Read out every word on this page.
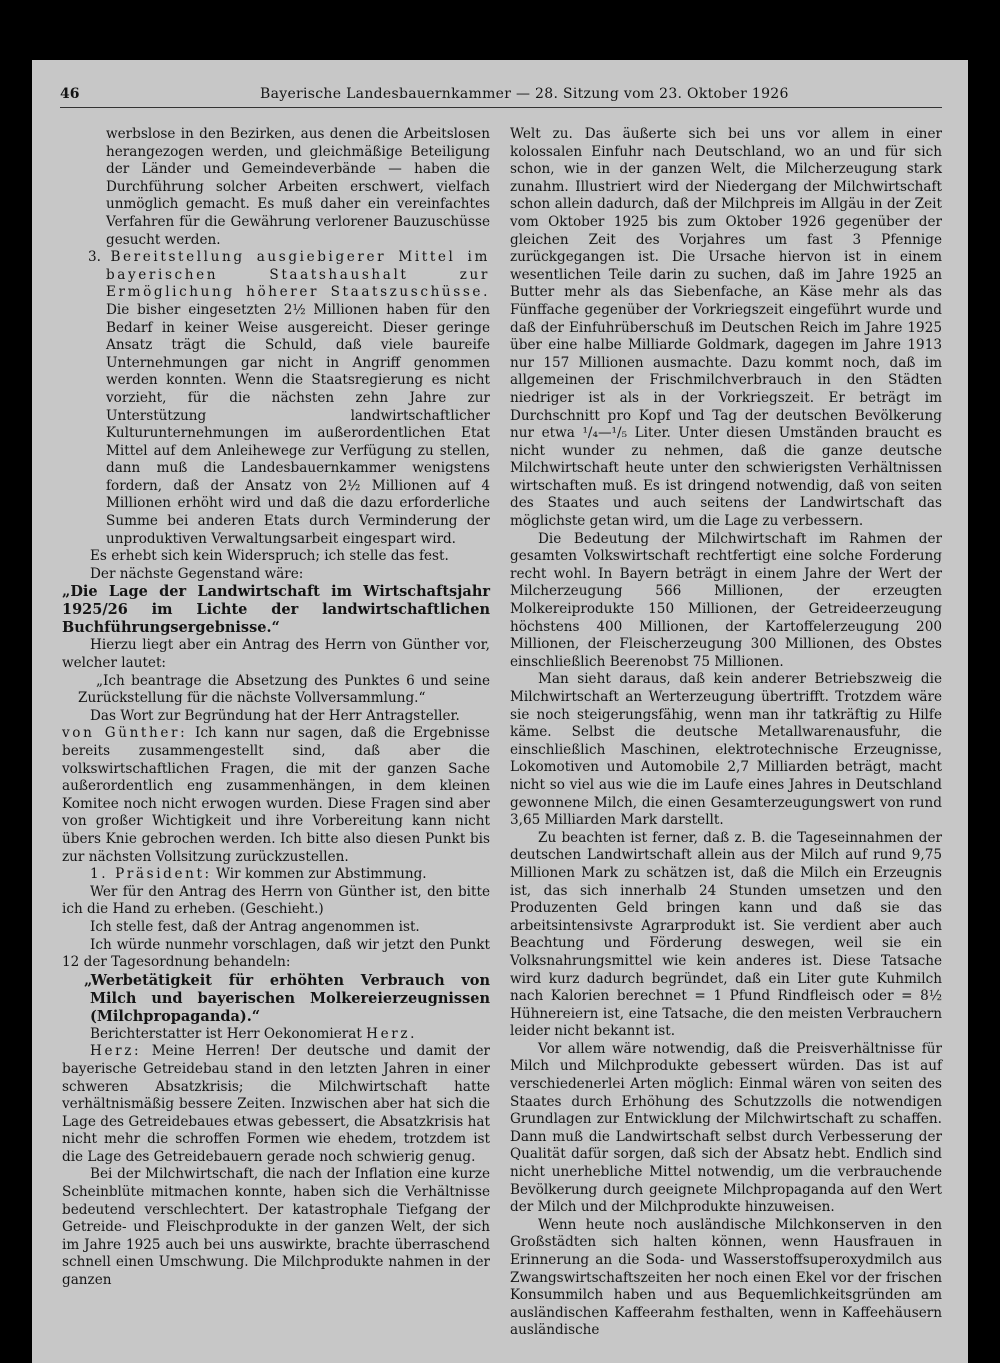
46	Bayerische Landesbauernkammer — 28. Sitzung vom 23. Oktober 1926

werbslose in den Bezirken, aus denen die Arbeitslosen herangezogen werden, und gleichmäßige Beteiligung der Länder und Gemeindeverbände — haben die Durchführung solcher Arbeiten erschwert, vielfach unmöglich gemacht. Es muß daher ein vereinfachtes Verfahren für die Gewährung verlorener Bauzuschüsse gesucht werden.

3. Bereitstellung ausgiebigerer Mittel im bayerischen Staatshaushalt zur Ermöglichung höherer Staatszuschüsse. Die bisher eingesetzten 2½ Millionen haben für den Bedarf in keiner Weise ausgereicht. Dieser geringe Ansatz trägt die Schuld, daß viele baureife Unternehmungen gar nicht in Angriff genommen werden konnten. Wenn die Staatsregierung es nicht vorzieht, für die nächsten zehn Jahre zur Unterstützung landwirtschaftlicher Kulturunternehmungen im außerordentlichen Etat Mittel auf dem Anleihewege zur Verfügung zu stellen, dann muß die Landesbauernkammer wenigstens fordern, daß der Ansatz von 2½ Millionen auf 4 Millionen erhöht wird und daß die dazu erforderliche Summe bei anderen Etats durch Verminderung der unproduktiven Verwaltungsarbeit eingespart wird.

Es erhebt sich kein Widerspruch; ich stelle das fest.

Der nächste Gegenstand wäre:

„Die Lage der Landwirtschaft im Wirtschaftsjahr 1925/26 im Lichte der landwirtschaftlichen Buchführungsergebnisse.“

Hierzu liegt aber ein Antrag des Herrn von Günther vor, welcher lautet:

„Ich beantrage die Absetzung des Punktes 6 und seine Zurückstellung für die nächste Vollversammlung.“

Das Wort zur Begründung hat der Herr Antragsteller.

von Günther: Ich kann nur sagen, daß die Ergebnisse bereits zusammengestellt sind, daß aber die volkswirtschaftlichen Fragen, die mit der ganzen Sache außerordentlich eng zusammenhängen, in dem kleinen Komitee noch nicht erwogen wurden. Diese Fragen sind aber von großer Wichtigkeit und ihre Vorbereitung kann nicht übers Knie gebrochen werden. Ich bitte also diesen Punkt bis zur nächsten Vollsitzung zurückzustellen.

1. Präsident: Wir kommen zur Abstimmung.

Wer für den Antrag des Herrn von Günther ist, den bitte ich die Hand zu erheben. (Geschieht.)

Ich stelle fest, daß der Antrag angenommen ist.

Ich würde nunmehr vorschlagen, daß wir jetzt den Punkt 12 der Tagesordnung behandeln:

„Werbetätigkeit für erhöhten Verbrauch von Milch und bayerischen Molkereierzeugnissen (Milchpropaganda).“

Berichterstatter ist Herr Oekonomierat Herz.

Herz: Meine Herren! Der deutsche und damit der bayerische Getreidebau stand in den letzten Jahren in einer schweren Absatzkrisis; die Milchwirtschaft hatte verhältnismäßig bessere Zeiten. Inzwischen aber hat sich die Lage des Getreidebaues etwas gebessert, die Absatzkrisis hat nicht mehr die schroffen Formen wie ehedem, trotzdem ist die Lage des Getreidebauern gerade noch schwierig genug.

Bei der Milchwirtschaft, die nach der Inflation eine kurze Scheinblüte mitmachen konnte, haben sich die Verhältnisse bedeutend verschlechtert. Der katastrophale Tiefgang der Getreide- und Fleischprodukte in der ganzen Welt, der sich im Jahre 1925 auch bei uns auswirkte, brachte überraschend schnell einen Umschwung. Die Milchprodukte nahmen in der ganzen

Welt zu. Das äußerte sich bei uns vor allem in einer kolossalen Einfuhr nach Deutschland, wo an und für sich schon, wie in der ganzen Welt, die Milcherzeugung stark zunahm. Illustriert wird der Niedergang der Milchwirtschaft schon allein dadurch, daß der Milchpreis im Allgäu in der Zeit vom Oktober 1925 bis zum Oktober 1926 gegenüber der gleichen Zeit des Vorjahres um fast 3 Pfennige zurückgegangen ist. Die Ursache hiervon ist in einem wesentlichen Teile darin zu suchen, daß im Jahre 1925 an Butter mehr als das Siebenfache, an Käse mehr als das Fünffache gegenüber der Vorkriegszeit eingeführt wurde und daß der Einfuhrüberschuß im Deutschen Reich im Jahre 1925 über eine halbe Milliarde Goldmark, dagegen im Jahre 1913 nur 157 Millionen ausmachte. Dazu kommt noch, daß im allgemeinen der Frischmilchverbrauch in den Städten niedriger ist als in der Vorkriegszeit. Er beträgt im Durchschnitt pro Kopf und Tag der deutschen Bevölkerung nur etwa ¹/₄—¹/₅ Liter. Unter diesen Umständen braucht es nicht wunder zu nehmen, daß die ganze deutsche Milchwirtschaft heute unter den schwierigsten Verhältnissen wirtschaften muß. Es ist dringend notwendig, daß von seiten des Staates und auch seitens der Landwirtschaft das möglichste getan wird, um die Lage zu verbessern.

Die Bedeutung der Milchwirtschaft im Rahmen der gesamten Volkswirtschaft rechtfertigt eine solche Forderung recht wohl. In Bayern beträgt in einem Jahre der Wert der Milcherzeugung 566 Millionen, der erzeugten Molkereiprodukte 150 Millionen, der Getreideerzeugung höchstens 400 Millionen, der Kartoffelerzeugung 200 Millionen, der Fleischerzeugung 300 Millionen, des Obstes einschließlich Beerenobst 75 Millionen.

Man sieht daraus, daß kein anderer Betriebszweig die Milchwirtschaft an Werterzeugung übertrifft. Trotzdem wäre sie noch steigerungsfähig, wenn man ihr tatkräftig zu Hilfe käme. Selbst die deutsche Metallwarenausfuhr, die einschließlich Maschinen, elektrotechnische Erzeugnisse, Lokomotiven und Automobile 2,7 Milliarden beträgt, macht nicht so viel aus wie die im Laufe eines Jahres in Deutschland gewonnene Milch, die einen Gesamterzeugungswert von rund 3,65 Milliarden Mark darstellt.

Zu beachten ist ferner, daß z. B. die Tageseinnahmen der deutschen Landwirtschaft allein aus der Milch auf rund 9,75 Millionen Mark zu schätzen ist, daß die Milch ein Erzeugnis ist, das sich innerhalb 24 Stunden umsetzen und den Produzenten Geld bringen kann und daß sie das arbeitsintensivste Agrarprodukt ist. Sie verdient aber auch Beachtung und Förderung deswegen, weil sie ein Volksnahrungsmittel wie kein anderes ist. Diese Tatsache wird kurz dadurch begründet, daß ein Liter gute Kuhmilch nach Kalorien berechnet = 1 Pfund Rindfleisch oder = 8½ Hühnereiern ist, eine Tatsache, die den meisten Verbrauchern leider nicht bekannt ist.

Vor allem wäre notwendig, daß die Preisverhältnisse für Milch und Milchprodukte gebessert würden. Das ist auf verschiedenerlei Arten möglich: Einmal wären von seiten des Staates durch Erhöhung des Schutzzolls die notwendigen Grundlagen zur Entwicklung der Milchwirtschaft zu schaffen. Dann muß die Landwirtschaft selbst durch Verbesserung der Qualität dafür sorgen, daß sich der Absatz hebt. Endlich sind nicht unerhebliche Mittel notwendig, um die verbrauchende Bevölkerung durch geeignete Milchpropaganda auf den Wert der Milch und der Milchprodukte hinzuweisen.

Wenn heute noch ausländische Milchkonserven in den Großstädten sich halten können, wenn Hausfrauen in Erinnerung an die Soda- und Wasserstoffsuperoxydmilch aus Zwangswirtschaftszeiten her noch einen Ekel vor der frischen Konsummilch haben und aus Bequemlichkeitsgründen am ausländischen Kaffeerahm festhalten, wenn in Kaffeehäusern ausländische
